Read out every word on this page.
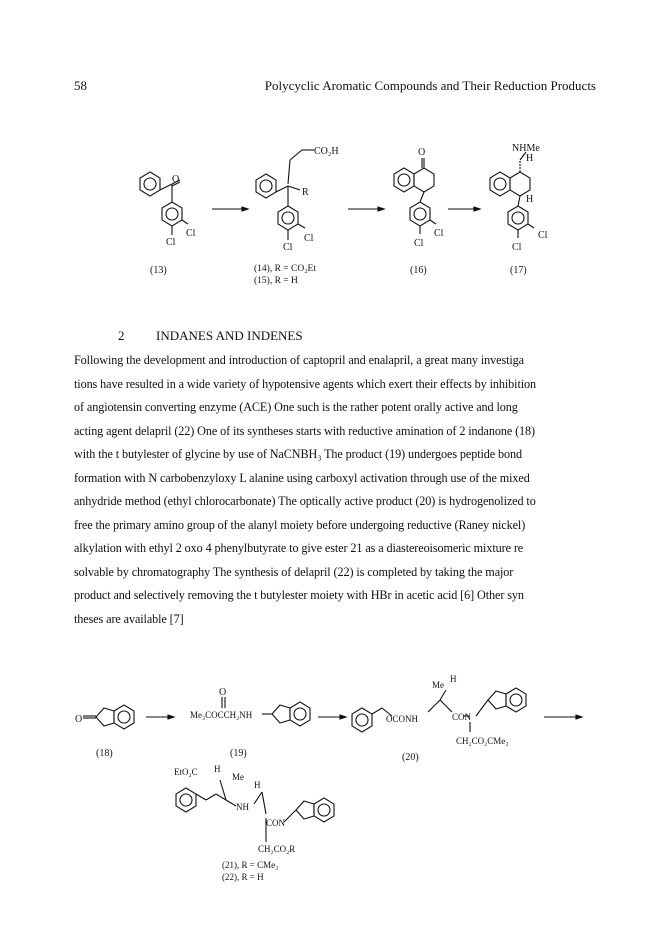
58	Polycyclic Aromatic Compounds and Their Reduction Products
O
Cl
Cl
(13)
CO₂H
R
Cl
Cl
(14), R = CO₂Et
(15), R = H
O
Cl
Cl
(16)
NHMe
H
H
Cl
Cl
(17)
2 INDANES AND INDENES
Following the development and introduction of captopril and enalapril, a great many investiga
tions have resulted in a wide variety of hypotensive agents which exert their effects by inhibition
of angiotensin converting enzyme (ACE) One such is the rather potent orally active and long
acting agent delapril (22) One of its syntheses starts with reductive amination of 2 indanone (18)
with the t butylester of glycine by use of NaCNBH₃ The product (19) undergoes peptide bond
formation with N carbobenzyloxy L alanine using carboxyl activation through use of the mixed
anhydride method (ethyl chlorocarbonate) The optically active product (20) is hydrogenolized to
free the primary amino group of the alanyl moiety before undergoing reductive (Raney nickel)
alkylation with ethyl 2 oxo 4 phenylbutyrate to give ester 21 as a diastereoisomeric mixture re
solvable by chromatography The synthesis of delapril (22) is completed by taking the major
product and selectively removing the t butylester moiety with HBr in acetic acid [6] Other syn
theses are available [7]
O
(18)
O
Me₃COCCH₂NH
(19)
Me
H
OCONH	CON
CH₂CO₂CMe₃
(20)
EtO₂C H
Me
H
NH
CON
CH₂CO₂R
(21), R = CMe₃
(22), R = H
